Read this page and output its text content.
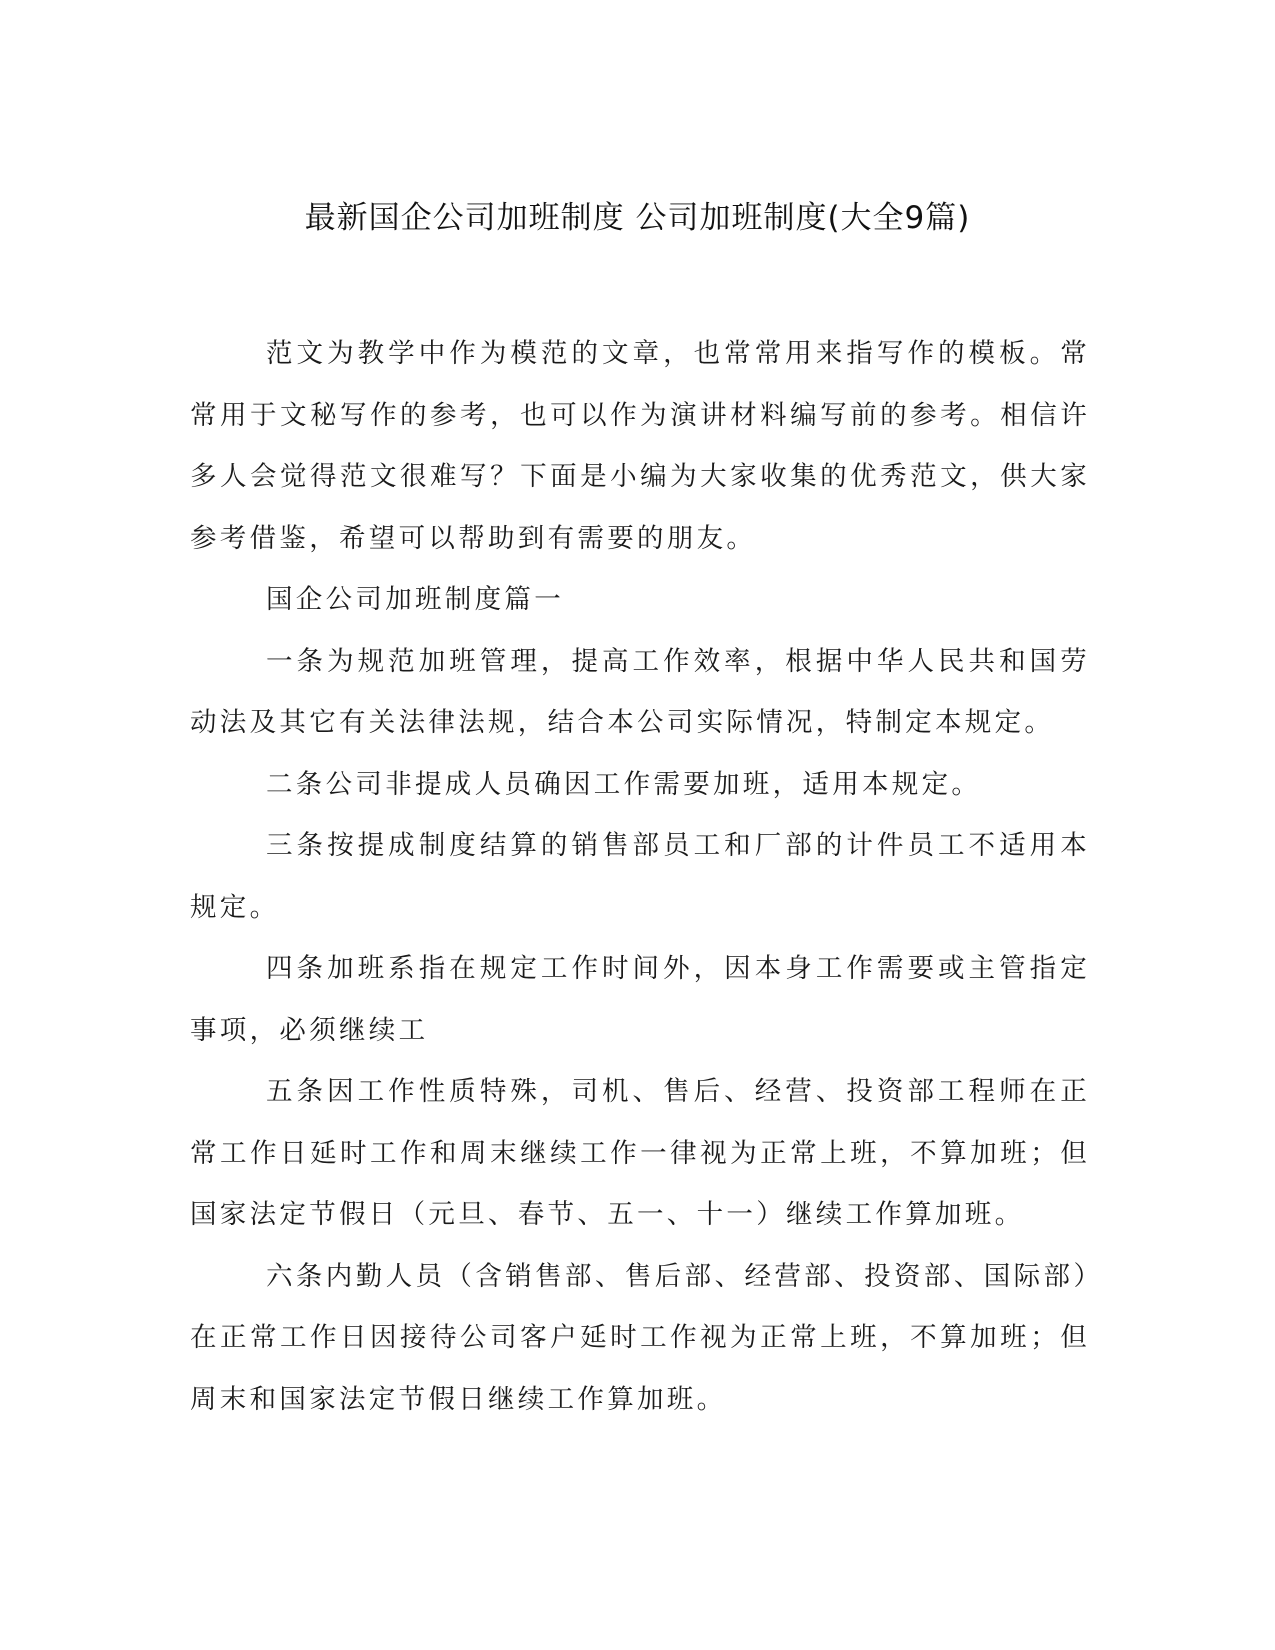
最新国企公司加班制度 公司加班制度(大全9篇)

范文为教学中作为模范的文章，也常常用来指写作的模板。常常用于文秘写作的参考，也可以作为演讲材料编写前的参考。相信许多人会觉得范文很难写？下面是小编为大家收集的优秀范文，供大家参考借鉴，希望可以帮助到有需要的朋友。

国企公司加班制度篇一

一条为规范加班管理，提高工作效率，根据中华人民共和国劳动法及其它有关法律法规，结合本公司实际情况，特制定本规定。

二条公司非提成人员确因工作需要加班，适用本规定。

三条按提成制度结算的销售部员工和厂部的计件员工不适用本规定。

四条加班系指在规定工作时间外，因本身工作需要或主管指定事项，必须继续工

五条因工作性质特殊，司机、售后、经营、投资部工程师在正常工作日延时工作和周末继续工作一律视为正常上班，不算加班；但国家法定节假日（元旦、春节、五一、十一）继续工作算加班。

六条内勤人员（含销售部、售后部、经营部、投资部、国际部）在正常工作日因接待公司客户延时工作视为正常上班，不算加班；但周末和国家法定节假日继续工作算加班。
